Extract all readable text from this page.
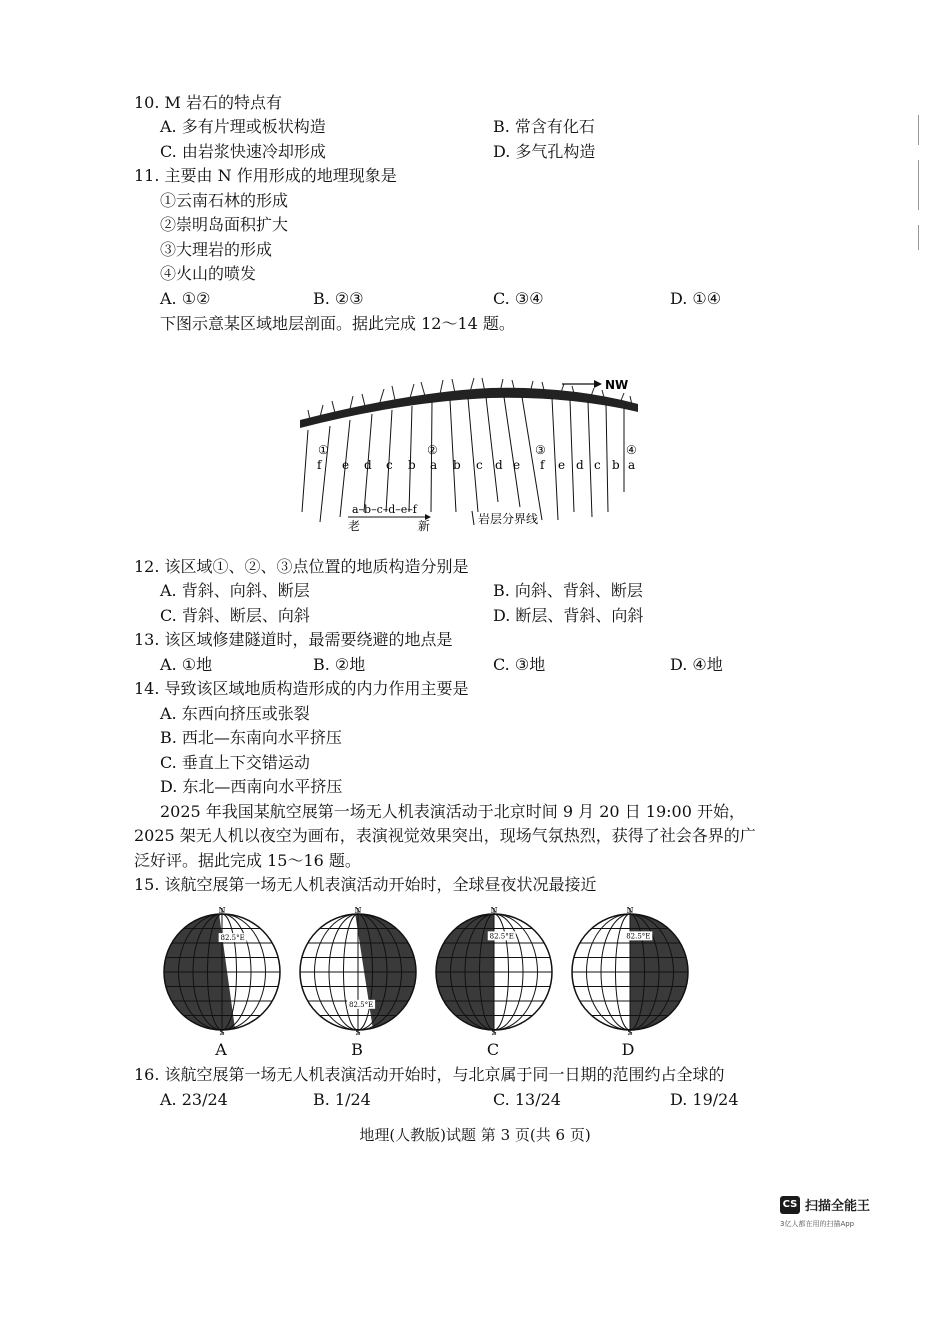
10. M 岩石的特点有
A. 多有片理或板状构造	B. 常含有化石
C. 由岩浆快速冷却形成	D. 多气孔构造
11. 主要由 N 作用形成的地理现象是
①云南石林的形成
②崇明岛面积扩大
③大理岩的形成
④火山的喷发
A. ①②	B. ②③	C. ③④	D. ①④
下图示意某区域地层剖面。据此完成 12～14 题。
NW
①	②	③	④
f e d c b a b c d e f e d c b a
a–b–c–d–e–f
老	新	岩层分界线
12. 该区域①、②、③点位置的地质构造分别是
A. 背斜、向斜、断层	B. 向斜、背斜、断层
C. 背斜、断层、向斜	D. 断层、背斜、向斜
13. 该区域修建隧道时，最需要绕避的地点是
A. ①地	B. ②地	C. ③地	D. ④地
14. 导致该区域地质构造形成的内力作用主要是
A. 东西向挤压或张裂
B. 西北—东南向水平挤压
C. 垂直上下交错运动
D. 东北—西南向水平挤压
2025 年我国某航空展第一场无人机表演活动于北京时间 9 月 20 日 19:00 开始，
2025 架无人机以夜空为画布，表演视觉效果突出，现场气氛热烈，获得了社会各界的广
泛好评。据此完成 15～16 题。
15. 该航空展第一场无人机表演活动开始时，全球昼夜状况最接近
N
S
82.5°E
N
S
82.5°E
N
S
82.5°E
N
S
82.5°E
A	B	C	D
16. 该航空展第一场无人机表演活动开始时，与北京属于同一日期的范围约占全球的
A. 23/24	B. 1/24	C. 13/24	D. 19/24
地理(人教版)试题 第 3 页(共 6 页)
CS 扫描全能王
3亿人都在用的扫描App
